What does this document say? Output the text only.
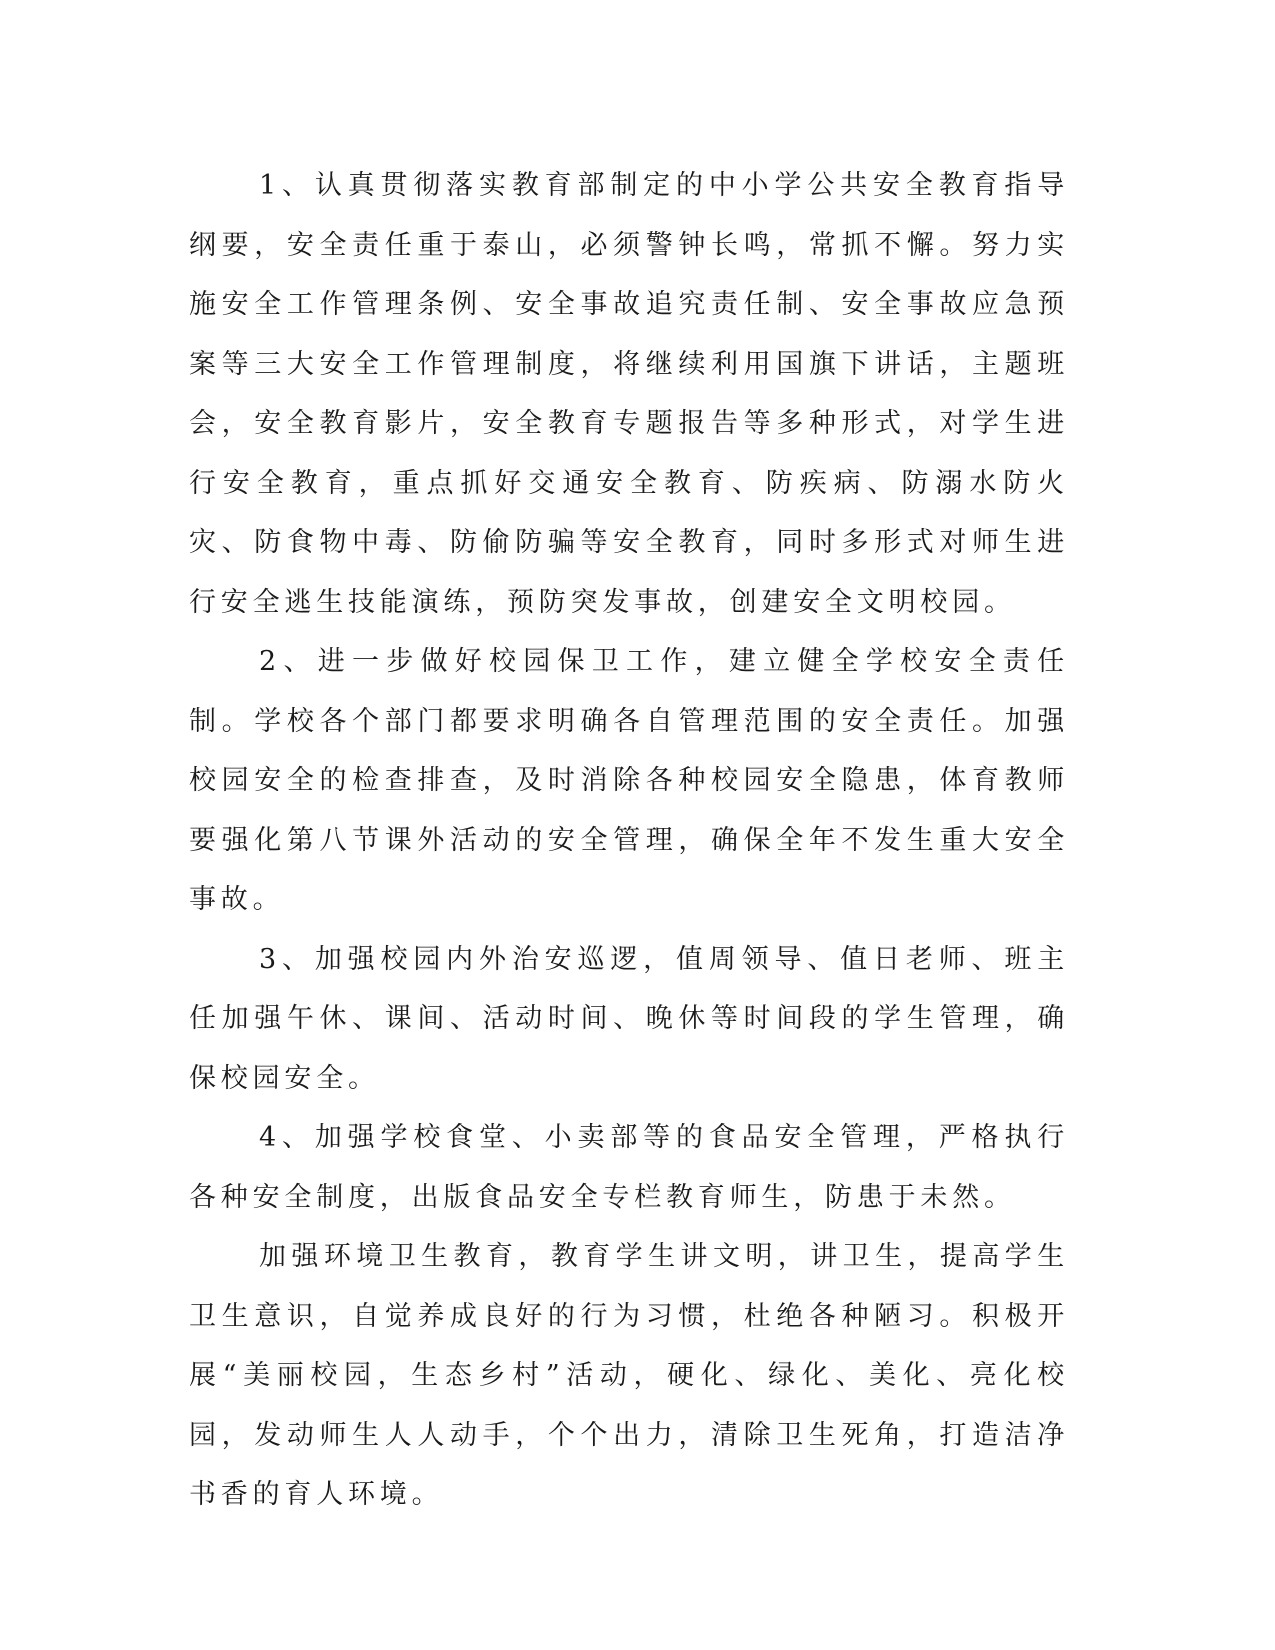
1、认真贯彻落实教育部制定的中小学公共安全教育指导纲要，安全责任重于泰山，必须警钟长鸣，常抓不懈。努力实施安全工作管理条例、安全事故追究责任制、安全事故应急预案等三大安全工作管理制度，将继续利用国旗下讲话，主题班会，安全教育影片，安全教育专题报告等多种形式，对学生进行安全教育，重点抓好交通安全教育、防疾病、防溺水防火灾、防食物中毒、防偷防骗等安全教育，同时多形式对师生进行安全逃生技能演练，预防突发事故，创建安全文明校园。

2、进一步做好校园保卫工作，建立健全学校安全责任制。学校各个部门都要求明确各自管理范围的安全责任。加强校园安全的检查排查，及时消除各种校园安全隐患，体育教师要强化第八节课外活动的安全管理，确保全年不发生重大安全事故。

3、加强校园内外治安巡逻，值周领导、值日老师、班主任加强午休、课间、活动时间、晚休等时间段的学生管理，确保校园安全。

4、加强学校食堂、小卖部等的食品安全管理，严格执行各种安全制度，出版食品安全专栏教育师生，防患于未然。

加强环境卫生教育，教育学生讲文明，讲卫生，提高学生卫生意识，自觉养成良好的行为习惯，杜绝各种陋习。积极开展“美丽校园，生态乡村”活动，硬化、绿化、美化、亮化校园，发动师生人人动手，个个出力，清除卫生死角，打造洁净书香的育人环境。
